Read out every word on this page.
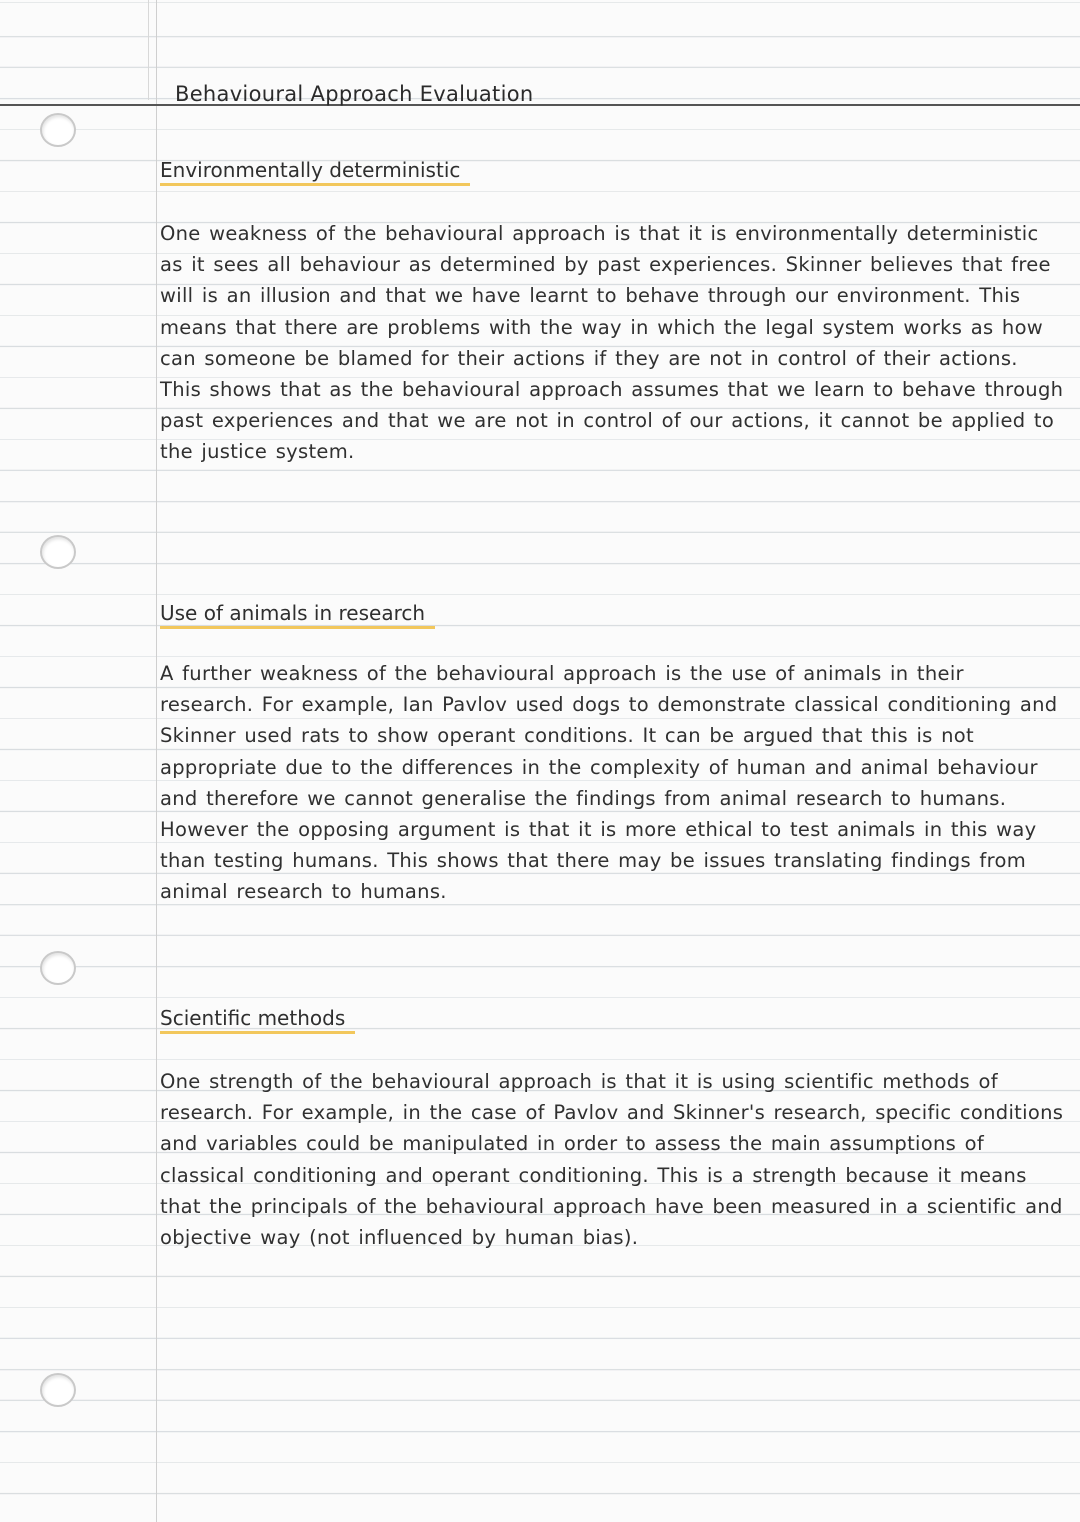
Behavioural Approach Evaluation
Environmentally deterministic

One weakness of the behavioural approach is that it is environmentally deterministic as it sees all behaviour as determined by past experiences. Skinner believes that free will is an illusion and that we have learnt to behave through our environment. This means that there are problems with the way in which the legal system works as how can someone be blamed for their actions if they are not in control of their actions. This shows that as the behavioural approach assumes that we learn to behave through past experiences and that we are not in control of our actions, it cannot be applied to the justice system.

Use of animals in research

A further weakness of the behavioural approach is the use of animals in their research. For example, Ian Pavlov used dogs to demonstrate classical conditioning and Skinner used rats to show operant conditions. It can be argued that this is not appropriate due to the differences in the complexity of human and animal behaviour and therefore we cannot generalise the findings from animal research to humans. However the opposing argument is that it is more ethical to test animals in this way than testing humans. This shows that there may be issues translating findings from animal research to humans.

Scientific methods

One strength of the behavioural approach is that it is using scientific methods of research. For example, in the case of Pavlov and Skinner's research, specific conditions and variables could be manipulated in order to assess the main assumptions of classical conditioning and operant conditioning. This is a strength because it means that the principals of the behavioural approach have been measured in a scientific and objective way (not influenced by human bias).
